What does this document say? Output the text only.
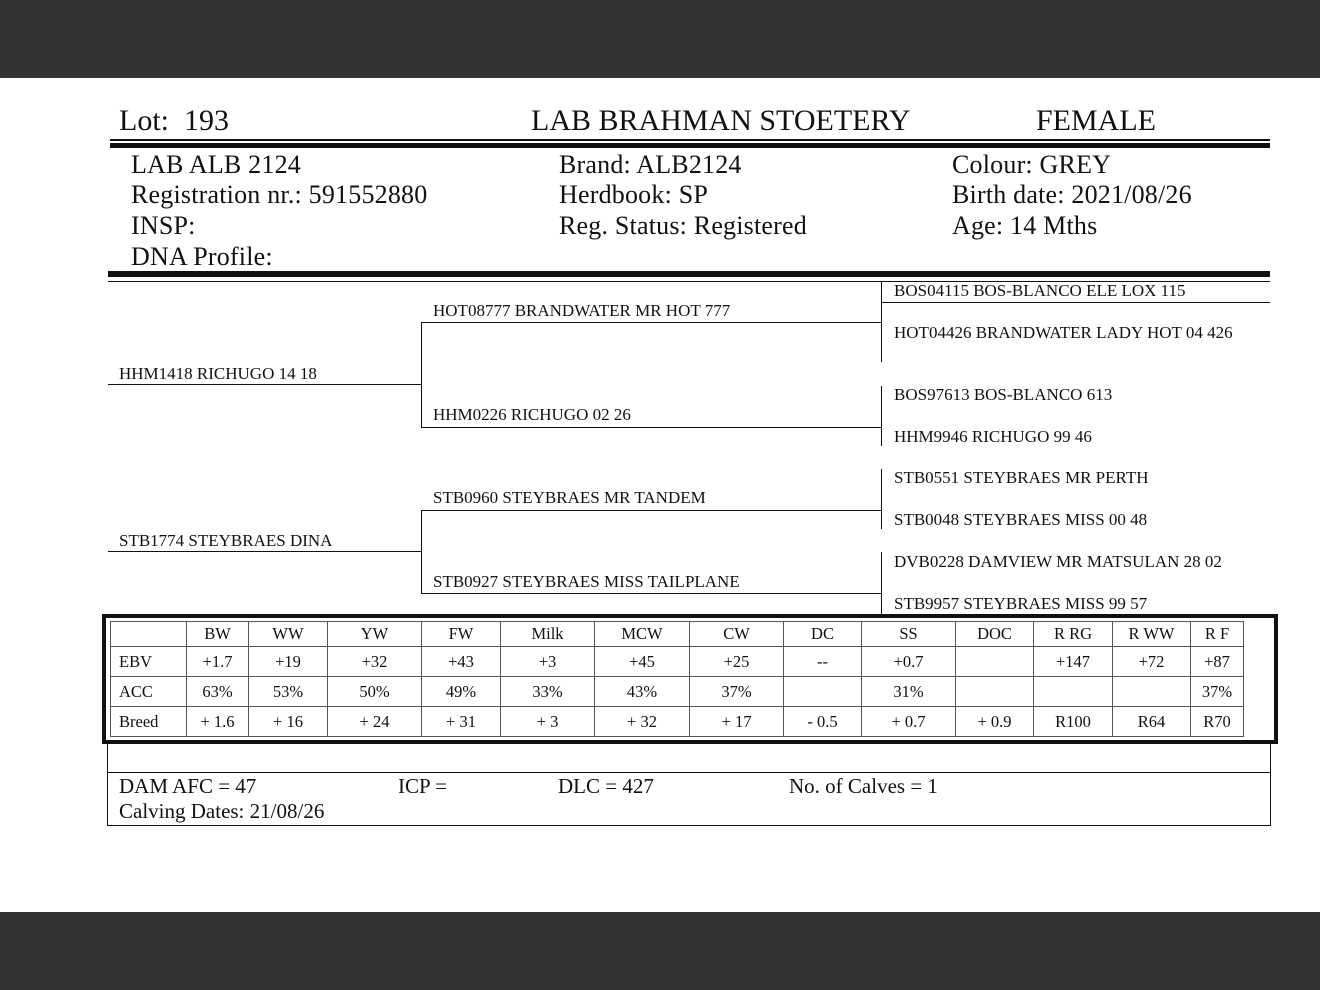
Lot: 193	LAB BRAHMAN STOETERY	FEMALE
LAB ALB 2124
Registration nr.: 591552880
INSP:
DNA Profile:
Brand: ALB2124
Herdbook: SP
Reg. Status: Registered
Colour: GREY
Birth date: 2021/08/26
Age: 14 Mths
HHM1418 RICHUGO 14 18
STB1774 STEYBRAES DINA
HOT08777 BRANDWATER MR HOT 777
HHM0226 RICHUGO 02 26
STB0960 STEYBRAES MR TANDEM
STB0927 STEYBRAES MISS TAILPLANE
BOS04115 BOS-BLANCO ELE LOX 115
HOT04426 BRANDWATER LADY HOT 04 426
BOS97613 BOS-BLANCO 613
HHM9946 RICHUGO 99 46
STB0551 STEYBRAES MR PERTH
STB0048 STEYBRAES MISS 00 48
DVB0228 DAMVIEW MR MATSULAN 28 02
STB9957 STEYBRAES MISS 99 57
	BW	WW	YW	FW	Milk	MCW	CW	DC	SS	DOC	R RG	R WW	R F
EBV	+1.7	+19	+32	+43	+3	+45	+25	--	+0.7		+147	+72	+87
ACC	63%	53%	50%	49%	33%	43%	37%		31%				37%
Breed	+ 1.6	+ 16	+ 24	+ 31	+ 3	+ 32	+ 17	- 0.5	+ 0.7	+ 0.9	R100	R64	R70
DAM AFC = 47	ICP =	DLC = 427	No. of Calves = 1
Calving Dates: 21/08/26
